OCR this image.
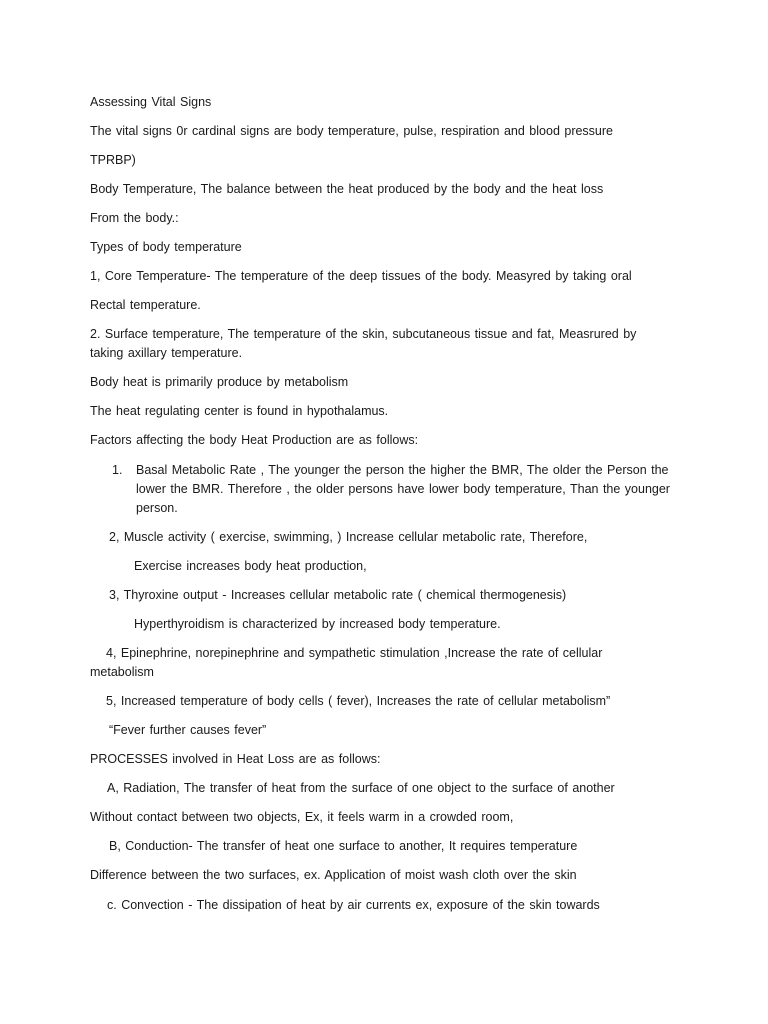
Assessing Vital Signs
The vital signs 0r cardinal signs are body temperature, pulse, respiration and blood pressure
TPRBP)
Body Temperature, The balance between the heat produced by the body and the heat loss
From the body.:
Types of body temperature
1, Core Temperature- The temperature of the deep tissues of the body. Measyred by taking oral
Rectal temperature.
2. Surface temperature, The temperature of the skin, subcutaneous tissue and fat, Measrured by taking axillary temperature.
Body heat is primarily produce by metabolism
The heat regulating center is found in hypothalamus.
Factors affecting the body Heat Production are as follows:
1. Basal Metabolic Rate , The younger the person the higher the BMR, The older the Person the lower the BMR. Therefore , the older persons have lower body temperature, Than the younger person.
2, Muscle activity ( exercise, swimming, ) Increase cellular metabolic rate, Therefore,
Exercise increases body heat production,
3, Thyroxine output - Increases cellular metabolic rate ( chemical thermogenesis)
Hyperthyroidism is characterized by increased body temperature.
4, Epinephrine, norepinephrine and sympathetic stimulation ,Increase the rate of cellular
metabolism
5, Increased temperature of body cells ( fever), Increases the rate of cellular metabolism”
“Fever further causes fever”
PROCESSES involved in Heat Loss are as follows:
A, Radiation, The transfer of heat from the surface of one object to the surface of another
Without contact between two objects, Ex, it feels warm in a crowded room,
B, Conduction- The transfer of heat one surface to another, It requires temperature
Difference between the two surfaces, ex. Application of moist wash cloth over the skin
c. Convection - The dissipation of heat by air currents ex, exposure of the skin towards
